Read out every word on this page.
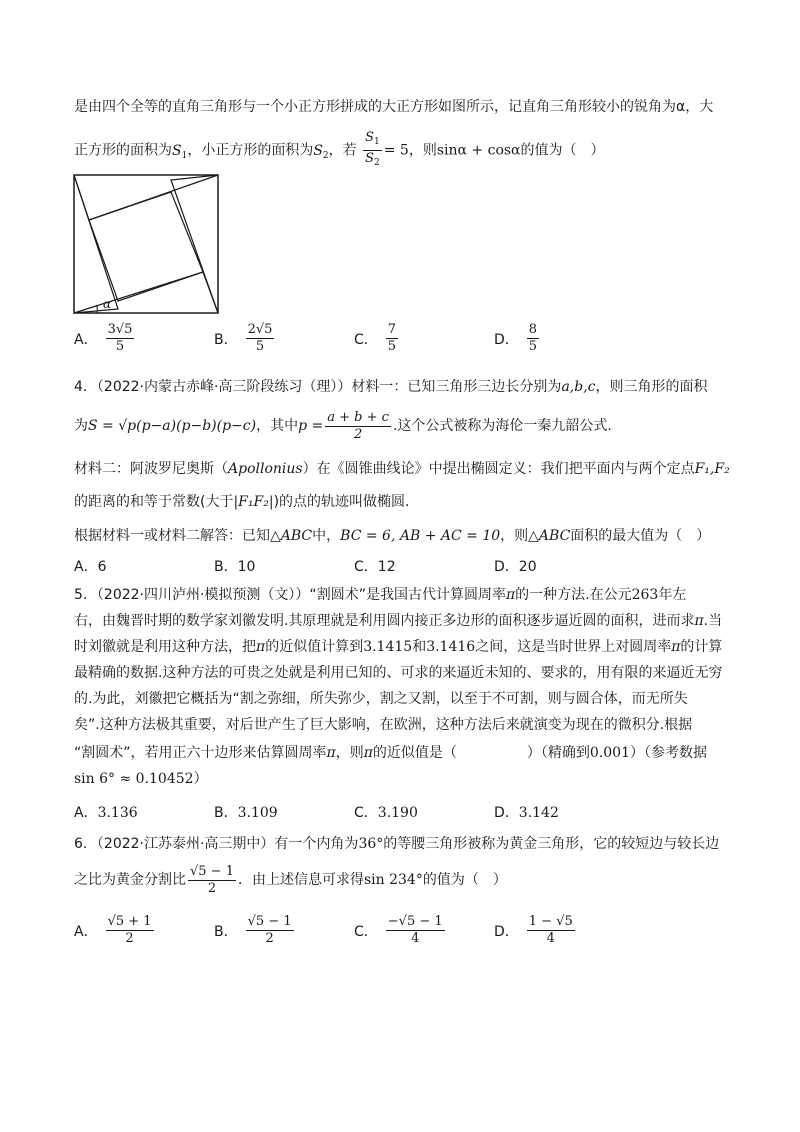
是由四个全等的直角三角形与一个小正方形拼成的大正方形如图所示，记直角三角形较小的锐角为α，大
正方形的面积为$S_1$，小正方形的面积为$S_2$，若 $\frac{S_1}{S_2} = 5$，则sinα + cosα的值为（　）
α
A． $\frac{3√5}{5}$	B． $\frac{2√5}{5}$	C． $\frac{7}{5}$	D． $\frac{8}{5}$
4．（2022·内蒙古赤峰·高三阶段练习（理））材料一：已知三角形三边长分别为a,b,c，则三角形的面积
为S = √p(p−a)(p−b)(p−c)，其中$p = \frac{a + b + c}{2}$ .这个公式被称为海伦一秦九韶公式.
材料二：阿波罗尼奥斯（Apollonius）在《圆锥曲线论》中提出椭圆定义：我们把平面内与两个定点F₁,F₂
的距离的和等于常数(大于|F₁F₂|)的点的轨迹叫做椭圆.
根据材料一或材料二解答：已知△ABC中，BC = 6, AB + AC = 10，则△ABC面积的最大值为（　）
A．6	B．10	C．12	D．20
5．（2022·四川泸州·模拟预测（文））“割圆术”是我国古代计算圆周率π的一种方法.在公元263年左
右，由魏晋时期的数学家刘徽发明.其原理就是利用圆内接正多边形的面积逐步逼近圆的面积，进而求π.当
时刘徽就是利用这种方法，把π的近似值计算到3.1415和3.1416之间，这是当时世界上对圆周率π的计算
最精确的数据.这种方法的可贵之处就是利用已知的、可求的来逼近未知的、要求的，用有限的来逼近无穷
的.为此，刘徽把它概括为“割之弥细，所失弥少，割之又割，以至于不可割，则与圆合体，而无所失
矣”.这种方法极其重要，对后世产生了巨大影响，在欧洲，这种方法后来就演变为现在的微积分.根据
“割圆术”，若用正六十边形来估算圆周率π，则π的近似值是（	）（精确到0.001）（参考数据
sin 6° ≈ 0.10452）
A．3.136	B．3.109	C．3.190	D．3.142
6．（2022·江苏泰州·高三期中）有一个内角为36°的等腰三角形被称为黄金三角形，它的较短边与较长边
之比为黄金分割比 $\frac{√5 - 1}{2}$ ．由上述信息可求得sin 234°的值为（　）
A． $\frac{√5 + 1}{2}$	B． $\frac{√5 - 1}{2}$	C． $\frac{-√5 - 1}{4}$	D． $\frac{1 - √5}{4}$
